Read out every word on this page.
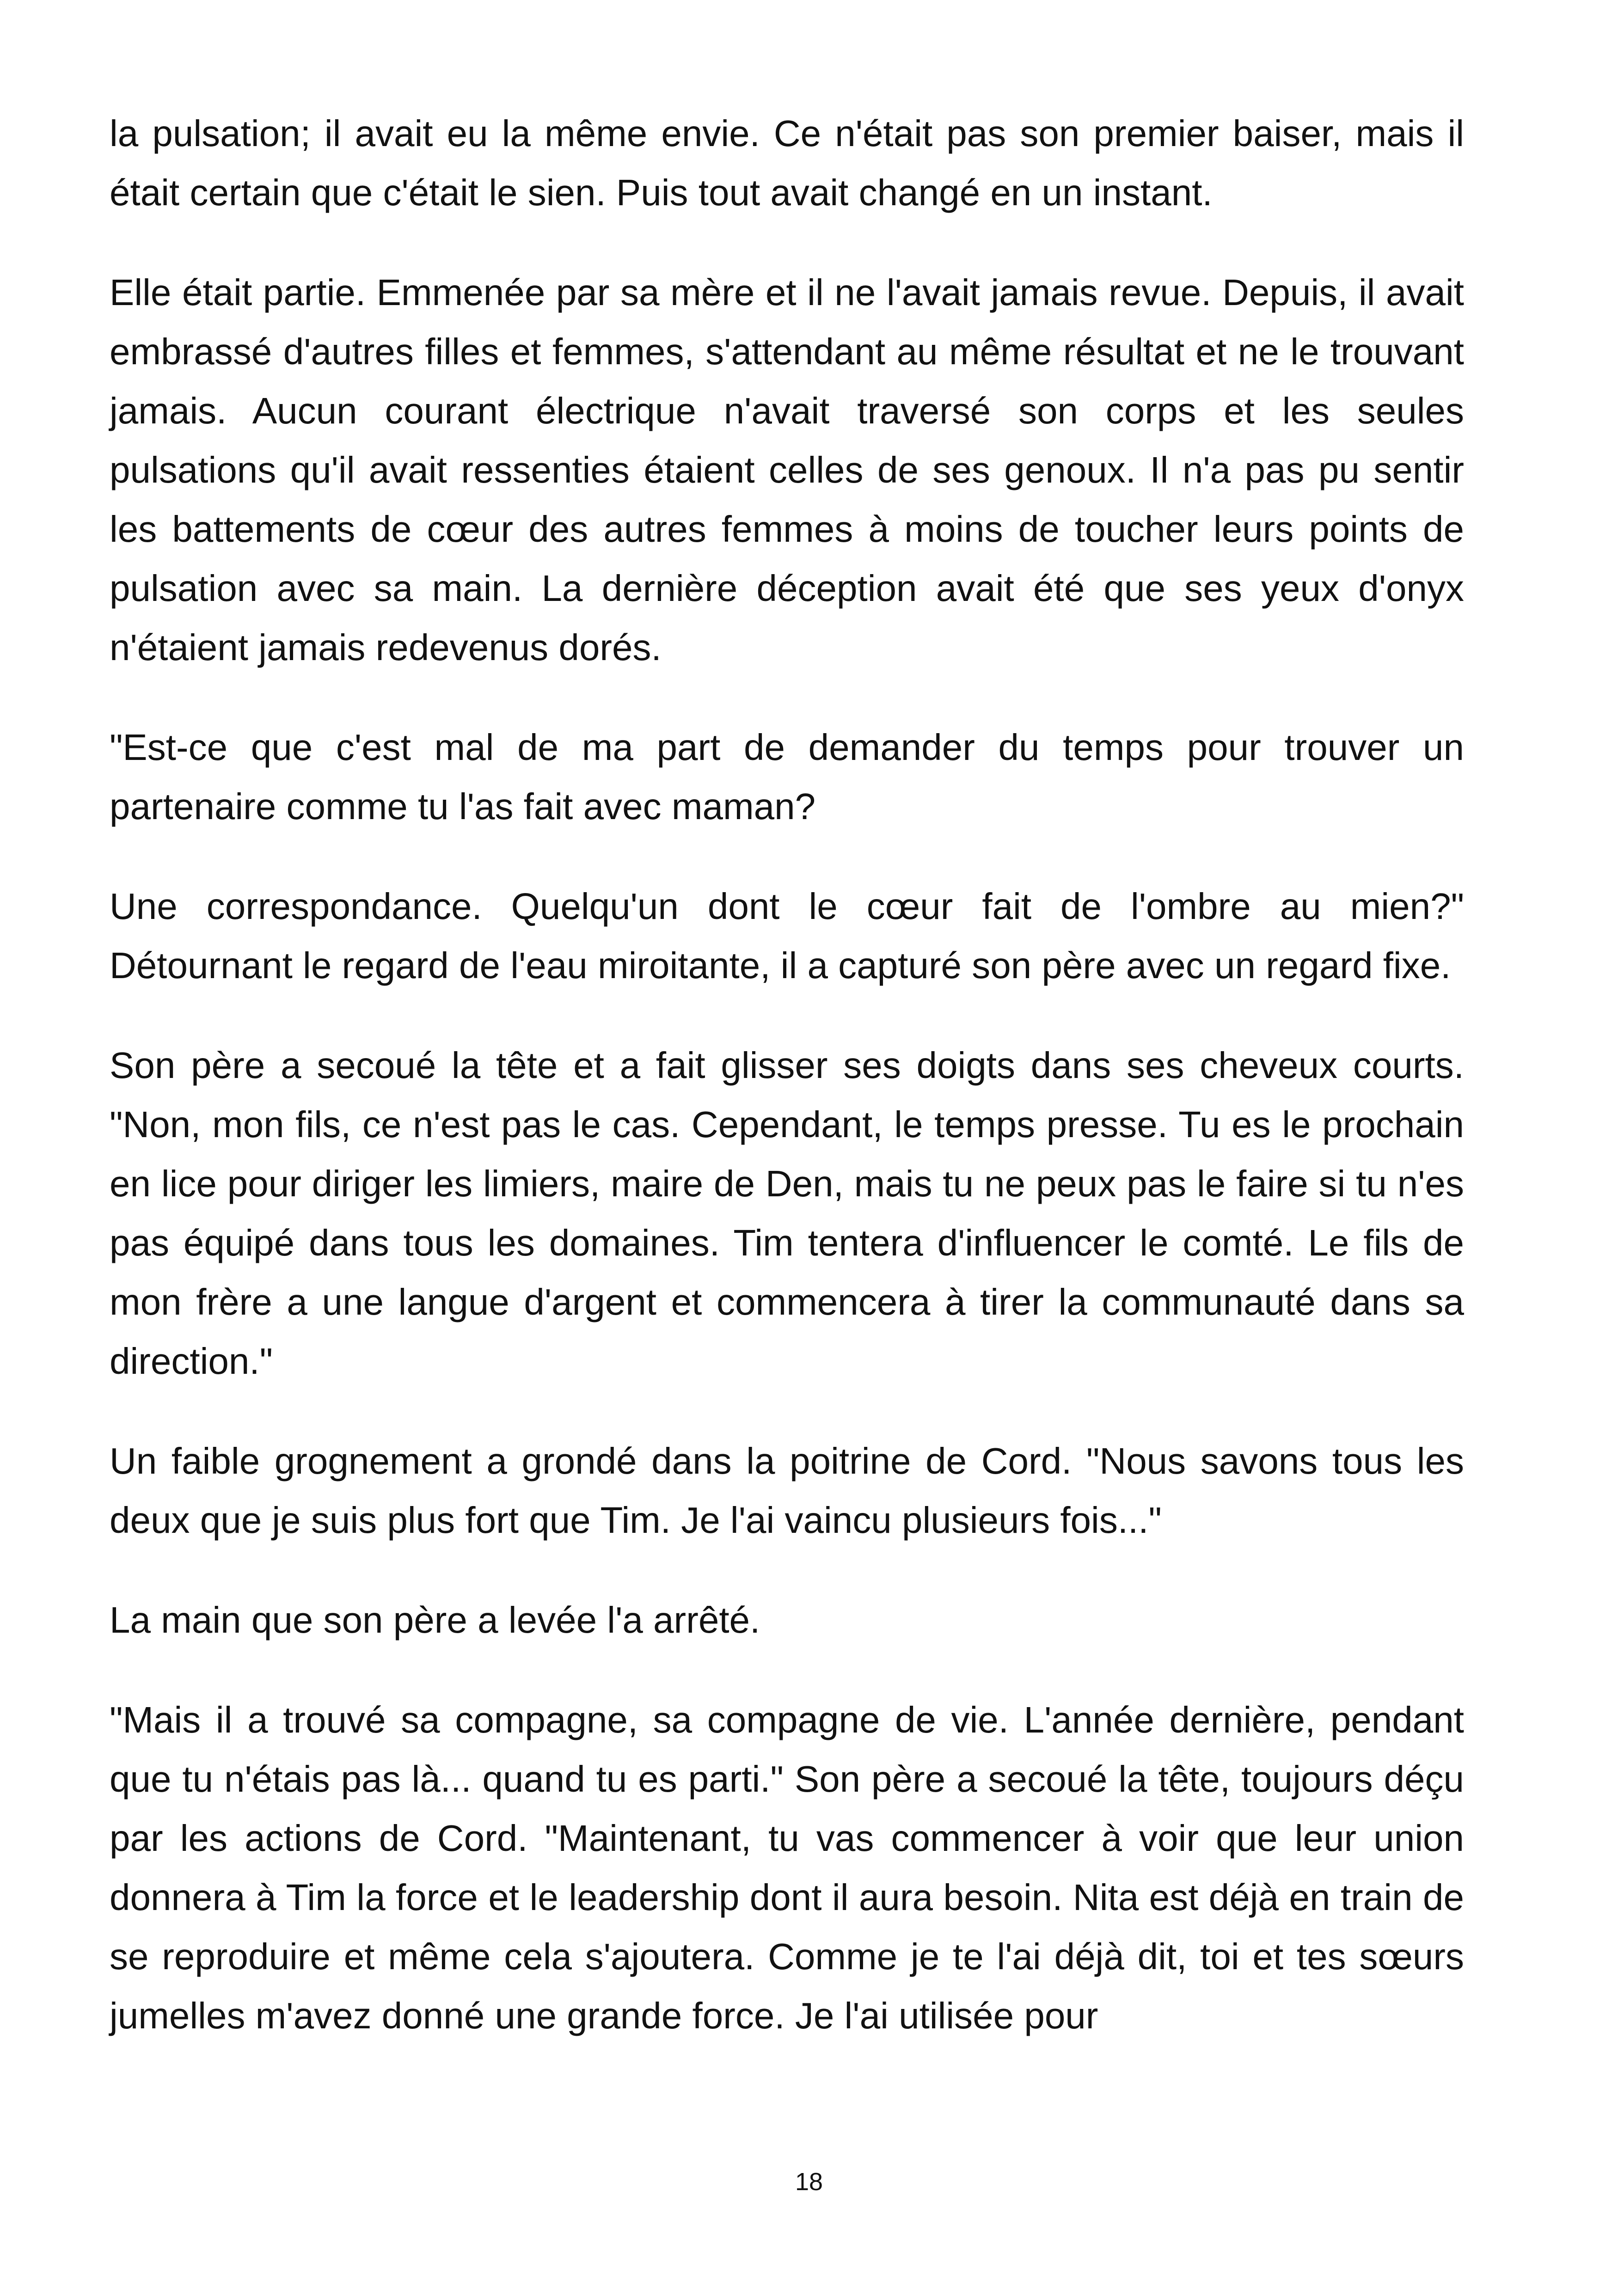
la pulsation; il avait eu la même envie. Ce n'était pas son premier baiser, mais il était certain que c'était le sien. Puis tout avait changé en un instant.

Elle était partie. Emmenée par sa mère et il ne l'avait jamais revue. Depuis, il avait embrassé d'autres filles et femmes, s'attendant au même résultat et ne le trouvant jamais. Aucun courant électrique n'avait traversé son corps et les seules pulsations qu'il avait ressenties étaient celles de ses genoux. Il n'a pas pu sentir les battements de cœur des autres femmes à moins de toucher leurs points de pulsation avec sa main. La dernière déception avait été que ses yeux d'onyx n'étaient jamais redevenus dorés.

"Est-ce que c'est mal de ma part de demander du temps pour trouver un partenaire comme tu l'as fait avec maman?

Une correspondance. Quelqu'un dont le cœur fait de l'ombre au mien?" Détournant le regard de l'eau miroitante, il a capturé son père avec un regard fixe.

Son père a secoué la tête et a fait glisser ses doigts dans ses cheveux courts. "Non, mon fils, ce n'est pas le cas. Cependant, le temps presse. Tu es le prochain en lice pour diriger les limiers, maire de Den, mais tu ne peux pas le faire si tu n'es pas équipé dans tous les domaines. Tim tentera d'influencer le comté. Le fils de mon frère a une langue d'argent et commencera à tirer la communauté dans sa direction."

Un faible grognement a grondé dans la poitrine de Cord. "Nous savons tous les deux que je suis plus fort que Tim. Je l'ai vaincu plusieurs fois..."

La main que son père a levée l'a arrêté.

"Mais il a trouvé sa compagne, sa compagne de vie. L'année dernière, pendant que tu n'étais pas là... quand tu es parti." Son père a secoué la tête, toujours déçu par les actions de Cord. "Maintenant, tu vas commencer à voir que leur union donnera à Tim la force et le leadership dont il aura besoin. Nita est déjà en train de se reproduire et même cela s'ajoutera. Comme je te l'ai déjà dit, toi et tes sœurs jumelles m'avez donné une grande force. Je l'ai utilisée pour

18
